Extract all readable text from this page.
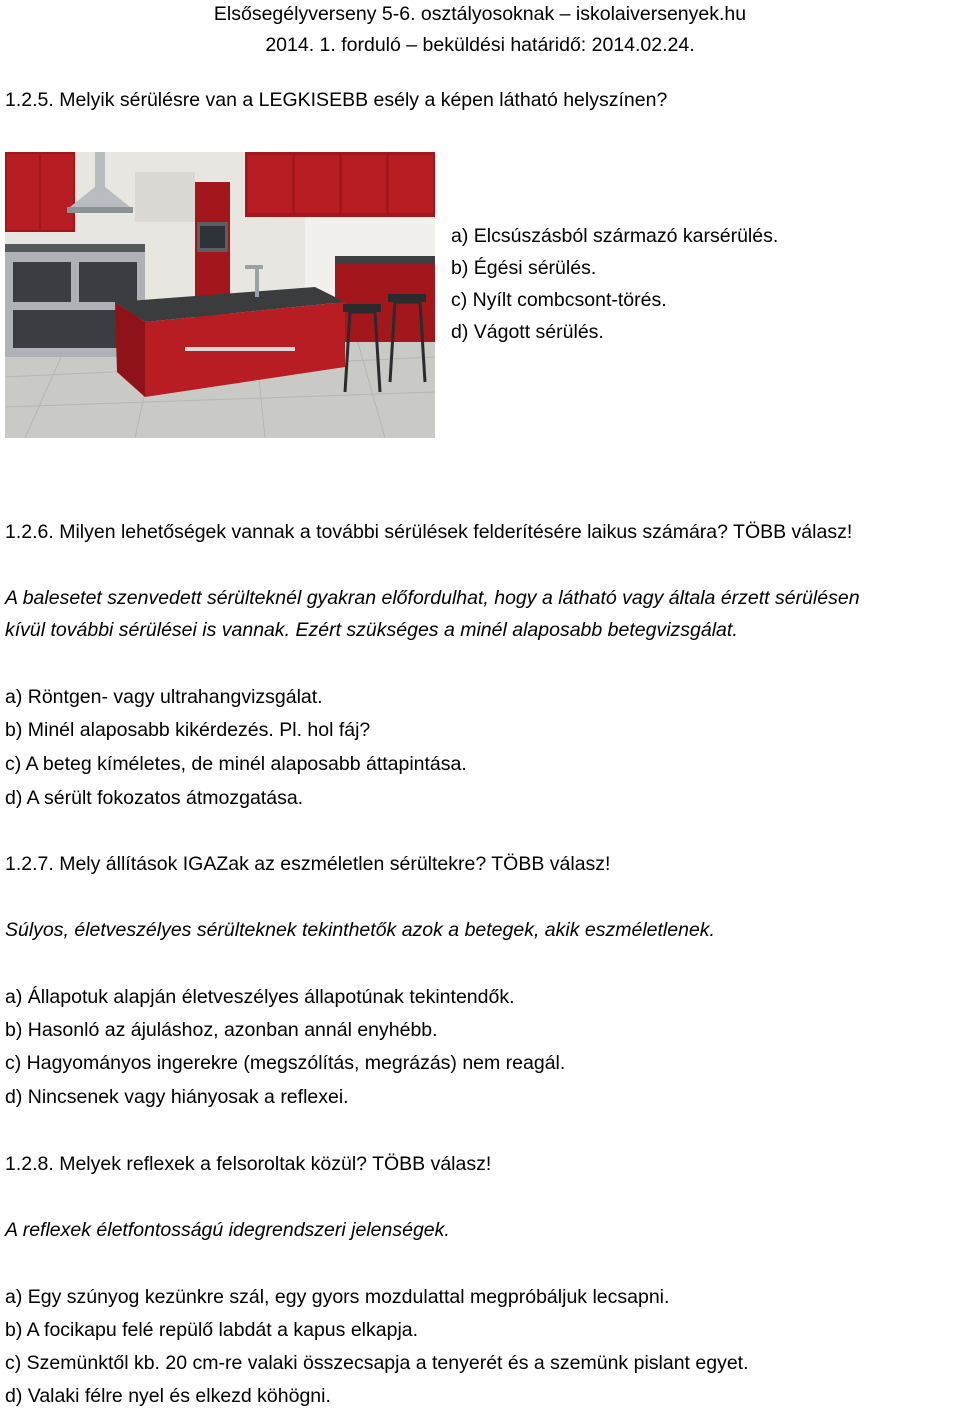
Elsősegélyverseny 5-6. osztályosoknak – iskolaiversenyek.hu

2014. 1. forduló – beküldési határidő: 2014.02.24.

1.2.5. Melyik sérülésre van a LEGKISEBB esély a képen látható helyszínen?

a) Elcsúszásból származó karsérülés.

b) Égési sérülés.

c) Nyílt combcsont-törés.

d) Vágott sérülés.

1.2.6. Milyen lehetőségek vannak a további sérülések felderítésére laikus számára? TÖBB válasz!

A balesetet szenvedett sérülteknél gyakran előfordulhat, hogy a látható vagy általa érzett sérülésen

kívül további sérülései is vannak. Ezért szükséges a minél alaposabb betegvizsgálat.

a) Röntgen- vagy ultrahangvizsgálat.

b) Minél alaposabb kikérdezés. Pl. hol fáj?

c) A beteg kíméletes, de minél alaposabb áttapintása.

d) A sérült fokozatos átmozgatása.

1.2.7. Mely állítások IGAZak az eszméletlen sérültekre? TÖBB válasz!

Súlyos, életveszélyes sérülteknek tekinthetők azok a betegek, akik eszméletlenek.

a) Állapotuk alapján életveszélyes állapotúnak tekintendők.

b) Hasonló az ájuláshoz, azonban annál enyhébb.

c) Hagyományos ingerekre (megszólítás, megrázás) nem reagál.

d) Nincsenek vagy hiányosak a reflexei.

1.2.8. Melyek reflexek a felsoroltak közül? TÖBB válasz!

A reflexek életfontosságú idegrendszeri jelenségek.

a) Egy szúnyog kezünkre szál, egy gyors mozdulattal megpróbáljuk lecsapni.

b) A focikapu felé repülő labdát a kapus elkapja.

c) Szemünktől kb. 20 cm-re valaki összecsapja a tenyerét és a szemünk pislant egyet.

d) Valaki félre nyel és elkezd köhögni.
